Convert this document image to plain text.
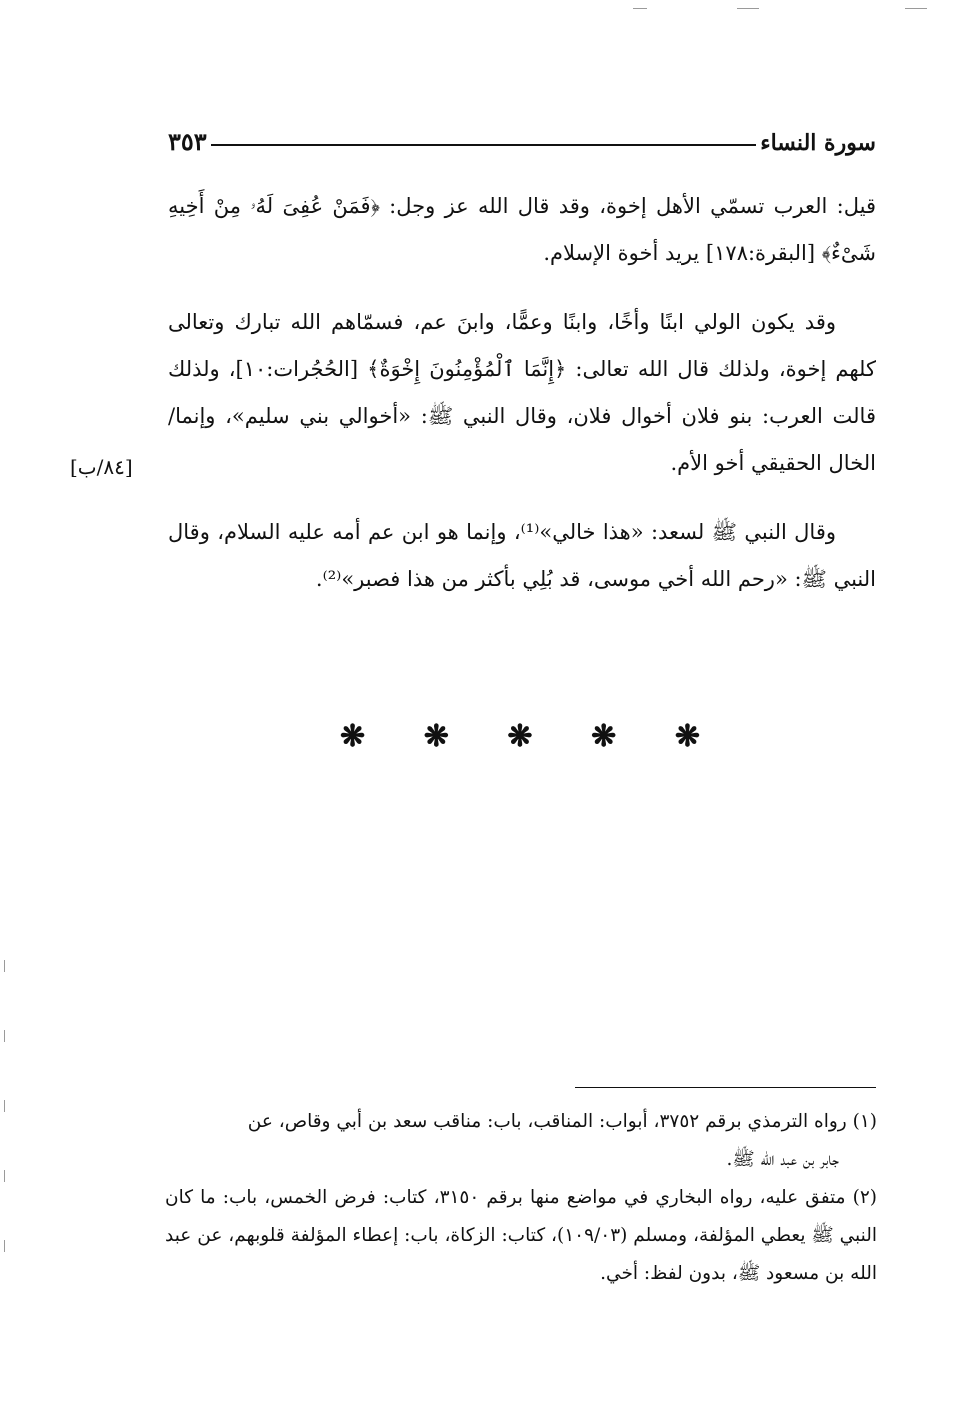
سورة النساء
٣٥٣

قيل: العرب تسمّي الأهل إخوة، وقد قال الله عز وجل: ﴿فَمَنْ عُفِىَ لَهُۥ مِنْ أَخِيهِ شَىْءٌ﴾ [البقرة:١٧٨] يريد أخوة الإسلام.

وقد يكون الولي ابنًا وأخًا، وابنًا وعمًّا، وابنَ عم، فسمّاهم الله تبارك وتعالى كلهم إخوة، ولذلك قال الله تعالى: ﴿إِنَّمَا ٱلْمُؤْمِنُونَ إِخْوَةٌ﴾ [الحُجُرات:١٠]، ولذلك قالت العرب: بنو فلان أخوال فلان، وقال النبي ﷺ: «أخوالي بني سليم»، وإنما/ الخال الحقيقي أخو الأم.

وقال النبي ﷺ لسعد: «هذا خالي»⁽¹⁾، وإنما هو ابن عم أمه عليه السلام، وقال النبي ﷺ: «رحم الله أخي موسى، قد بُلِي بأكثر من هذا فصبر»⁽²⁾.

[٨٤/ب]
❋ ❋ ❋ ❋ ❋

(١) رواه الترمذي برقم ٣٧٥٢، أبواب: المناقب، باب: مناقب سعد بن أبي وقاص، عن

جابر بن عبد الله ﷺ.

(٢) متفق عليه، رواه البخاري في مواضع منها برقم ٣١٥٠، كتاب: فرض الخمس، باب: ما كان النبي ﷺ يعطي المؤلفة، ومسلم (١٠٩/٠٣)، كتاب: الزكاة، باب: إعطاء المؤلفة قلوبهم، عن عبد الله بن مسعود ﷺ، بدون لفظ: أخي.
